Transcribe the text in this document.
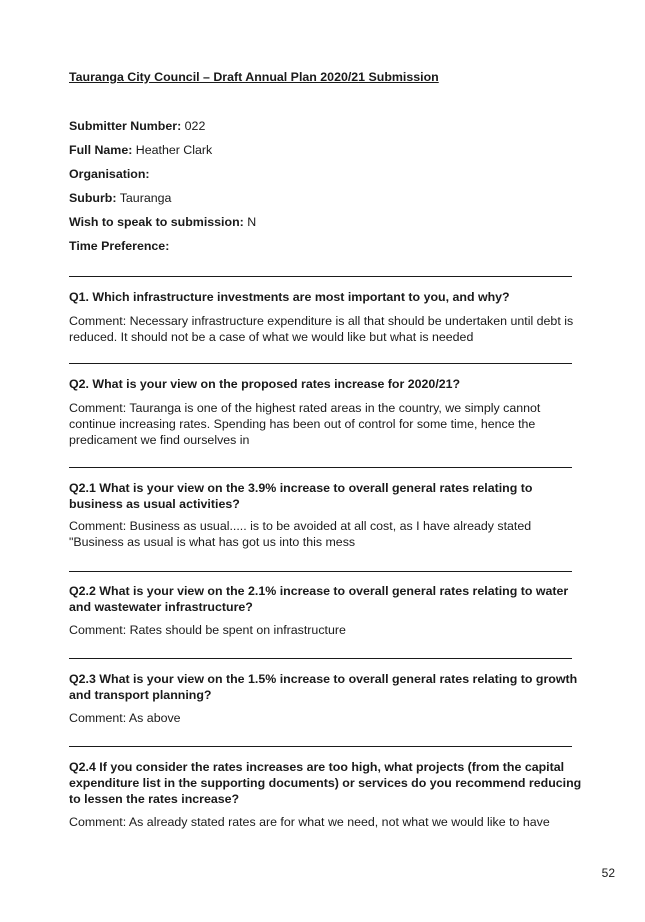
Tauranga City Council – Draft Annual Plan 2020/21 Submission
Submitter Number: 022
Full Name: Heather Clark
Organisation:
Suburb: Tauranga
Wish to speak to submission: N
Time Preference:
Q1. Which infrastructure investments are most important to you, and why?
Comment: Necessary infrastructure expenditure is all that should be undertaken until debt is reduced. It should not be a case of what we would like but what is needed
Q2. What is your view on the proposed rates increase for 2020/21?
Comment: Tauranga is one of the highest rated areas in the country, we simply cannot continue increasing rates. Spending has been out of control for some time, hence the predicament we find ourselves in
Q2.1 What is your view on the 3.9% increase to overall general rates relating to business as usual activities?
Comment: Business as usual..... is to be avoided at all cost, as I have already stated "Business as usual is what has got us into this mess
Q2.2 What is your view on the 2.1% increase to overall general rates relating to water and wastewater infrastructure?
Comment: Rates should be spent on infrastructure
Q2.3 What is your view on the 1.5% increase to overall general rates relating to growth and transport planning?
Comment: As above
Q2.4 If you consider the rates increases are too high, what projects (from the capital expenditure list in the supporting documents) or services do you recommend reducing to lessen the rates increase?
Comment: As already stated rates are for what we need, not what we would like to have
52
